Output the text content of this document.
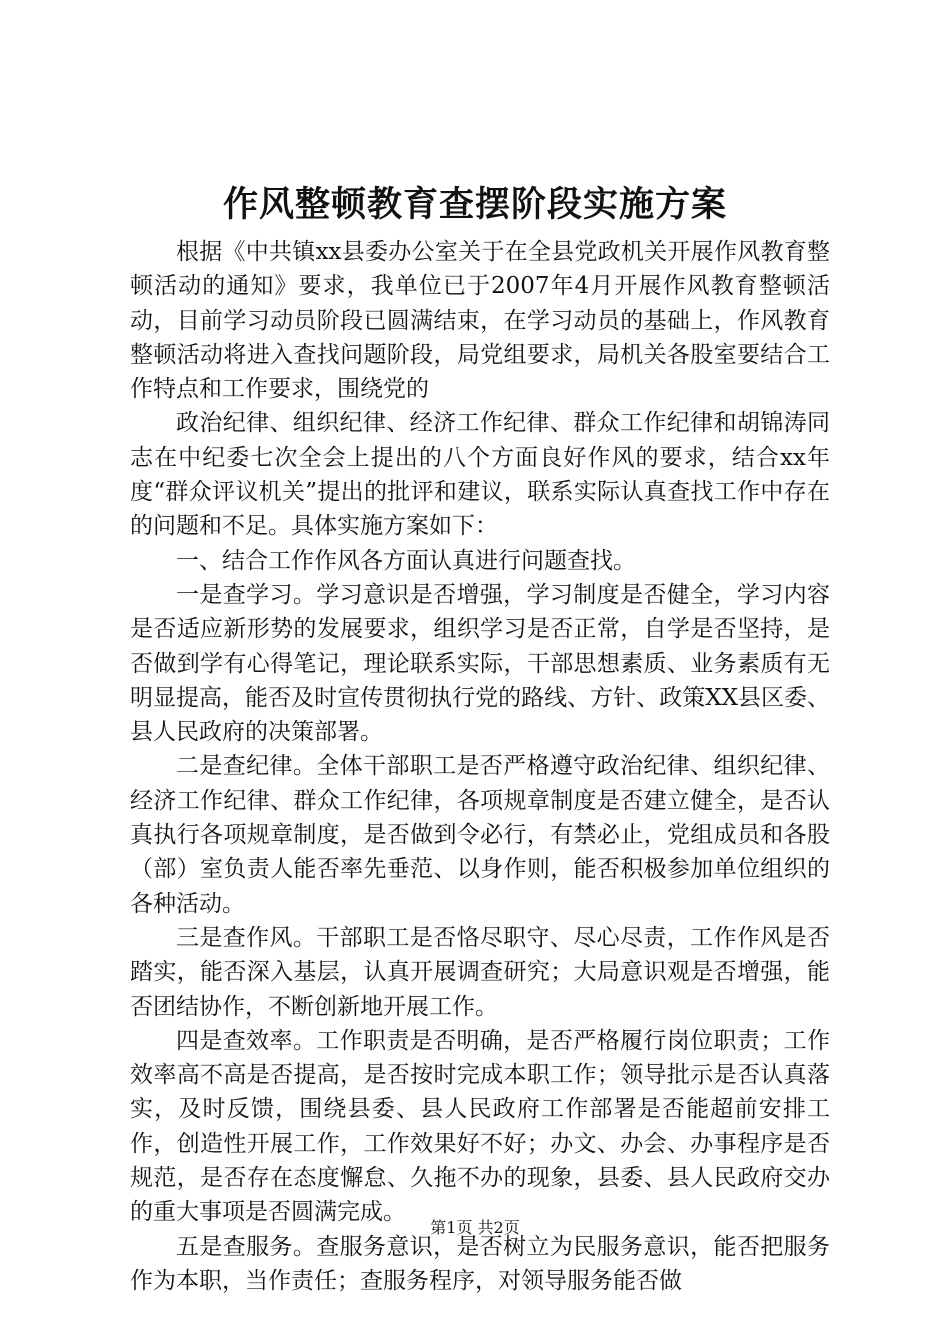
作风整顿教育查摆阶段实施方案

根据《中共镇xx县委办公室关于在全县党政机关开展作风教育整顿活动的通知》要求，我单位已于2007年4月开展作风教育整顿活动，目前学习动员阶段已圆满结束，在学习动员的基础上，作风教育整顿活动将进入查找问题阶段，局党组要求，局机关各股室要结合工作特点和工作要求，围绕党的

政治纪律、组织纪律、经济工作纪律、群众工作纪律和胡锦涛同志在中纪委七次全会上提出的八个方面良好作风的要求，结合xx年度“群众评议机关”提出的批评和建议，联系实际认真查找工作中存在的问题和不足。具体实施方案如下：

一、结合工作作风各方面认真进行问题查找。

一是查学习。学习意识是否增强，学习制度是否健全，学习内容是否适应新形势的发展要求，组织学习是否正常，自学是否坚持，是否做到学有心得笔记，理论联系实际，干部思想素质、业务素质有无明显提高，能否及时宣传贯彻执行党的路线、方针、政策XX县区委、县人民政府的决策部署。

二是查纪律。全体干部职工是否严格遵守政治纪律、组织纪律、经济工作纪律、群众工作纪律，各项规章制度是否建立健全，是否认真执行各项规章制度，是否做到令必行，有禁必止，党组成员和各股（部）室负责人能否率先垂范、以身作则，能否积极参加单位组织的各种活动。

三是查作风。干部职工是否恪尽职守、尽心尽责，工作作风是否踏实，能否深入基层，认真开展调查研究；大局意识观是否增强，能否团结协作，不断创新地开展工作。

四是查效率。工作职责是否明确，是否严格履行岗位职责；工作效率高不高是否提高，是否按时完成本职工作；领导批示是否认真落实，及时反馈，围绕县委、县人民政府工作部署是否能超前安排工作，创造性开展工作，工作效果好不好；办文、办会、办事程序是否规范，是否存在态度懈怠、久拖不办的现象，县委、县人民政府交办的重大事项是否圆满完成。

五是查服务。查服务意识，是否树立为民服务意识，能否把服务作为本职，当作责任；查服务程序，对领导服务能否做

第1页 共2页
